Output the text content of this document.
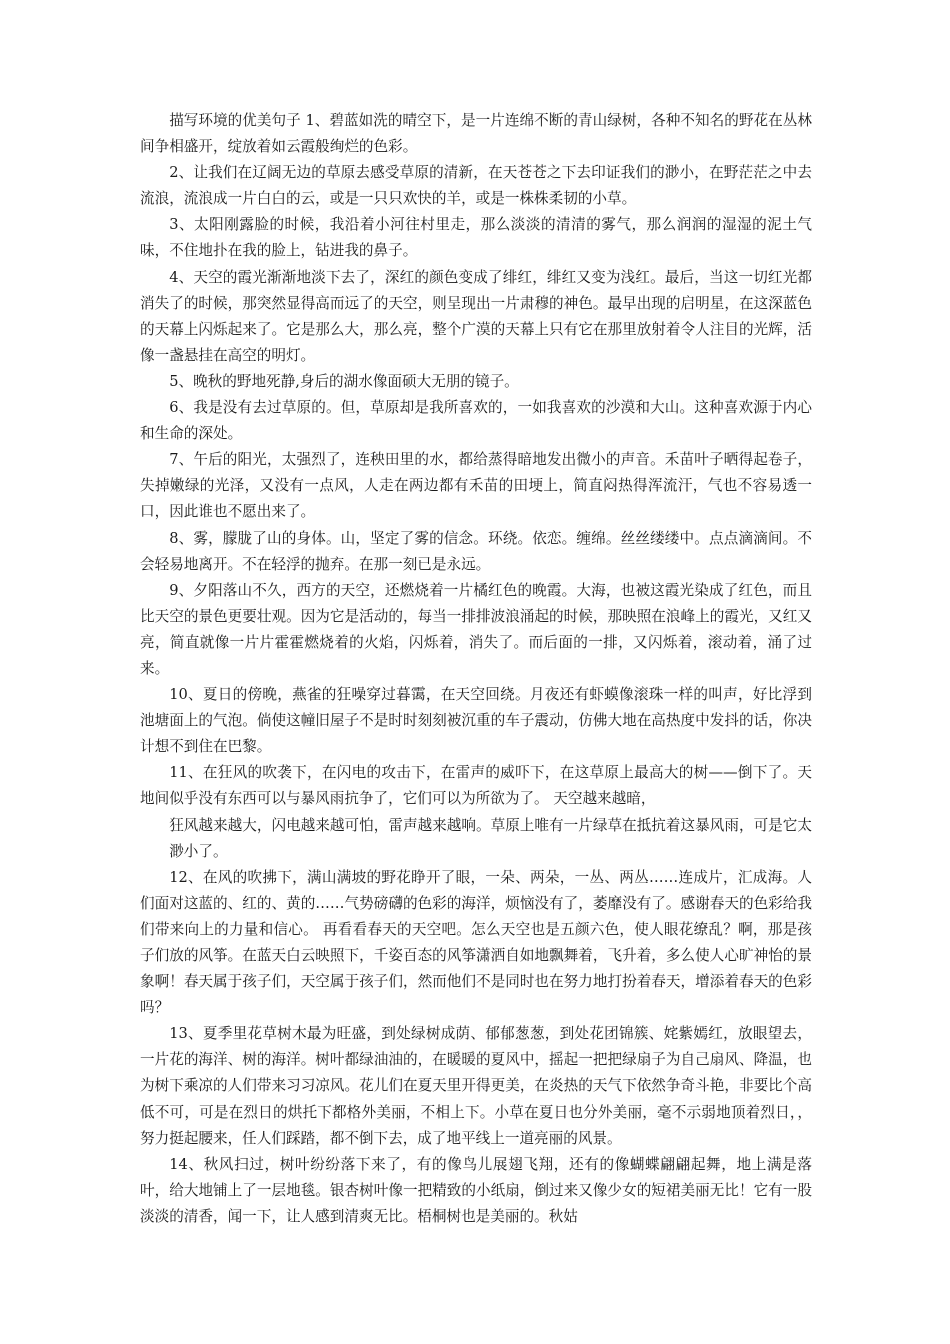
描写环境的优美句子 1、碧蓝如洗的晴空下，是一片连绵不断的青山绿树，各种不知名的野花在丛林间争相盛开，绽放着如云霞般绚烂的色彩。

2、让我们在辽阔无边的草原去感受草原的清新，在天苍苍之下去印证我们的渺小，在野茫茫之中去流浪，流浪成一片白白的云，或是一只只欢快的羊，或是一株株柔韧的小草。

3、太阳刚露脸的时候，我沿着小河往村里走，那么淡淡的清清的雾气，那么润润的湿湿的泥土气味，不住地扑在我的脸上，钻进我的鼻子。

4、天空的霞光渐渐地淡下去了，深红的颜色变成了绯红，绯红又变为浅红。最后，当这一切红光都消失了的时候，那突然显得高而远了的天空，则呈现出一片肃穆的神色。最早出现的启明星，在这深蓝色的天幕上闪烁起来了。它是那么大，那么亮，整个广漠的天幕上只有它在那里放射着令人注目的光辉，活像一盏悬挂在高空的明灯。

5、晚秋的野地死静,身后的湖水像面硕大无朋的镜子。

6、我是没有去过草原的。但，草原却是我所喜欢的，一如我喜欢的沙漠和大山。这种喜欢源于内心和生命的深处。

7、午后的阳光，太强烈了，连秧田里的水，都给蒸得暗地发出微小的声音。禾苗叶子晒得起卷子，失掉嫩绿的光泽，又没有一点风，人走在两边都有禾苗的田埂上，简直闷热得浑流汗，气也不容易透一口，因此谁也不愿出来了。

8、雾，朦胧了山的身体。山，坚定了雾的信念。环绕。依恋。缠绵。丝丝缕缕中。点点滴滴间。不会轻易地离开。不在轻浮的抛弃。在那一刻已是永远。

9、夕阳落山不久，西方的天空，还燃烧着一片橘红色的晚霞。大海，也被这霞光染成了红色，而且比天空的景色更要壮观。因为它是活动的，每当一排排波浪涌起的时候，那映照在浪峰上的霞光，又红又亮，简直就像一片片霍霍燃烧着的火焰，闪烁着，消失了。而后面的一排，又闪烁着，滚动着，涌了过来。

10、夏日的傍晚，燕雀的狂噪穿过暮霭，在天空回绕。月夜还有虾蟆像滚珠一样的叫声，好比浮到池塘面上的气泡。倘使这幢旧屋子不是时时刻刻被沉重的车子震动，仿佛大地在高热度中发抖的话，你决计想不到住在巴黎。

11、在狂风的吹袭下，在闪电的攻击下，在雷声的威吓下，在这草原上最高大的树——倒下了。天地间似乎没有东西可以与暴风雨抗争了，它们可以为所欲为了。 天空越来越暗，

狂风越来越大，闪电越来越可怕，雷声越来越响。草原上唯有一片绿草在抵抗着这暴风雨，可是它太渺小了。

12、在风的吹拂下，满山满坡的野花睁开了眼，一朵、两朵，一丛、两丛……连成片，汇成海。人们面对这蓝的、红的、黄的……气势磅礴的色彩的海洋，烦恼没有了，萎靡没有了。感谢春天的色彩给我们带来向上的力量和信心。 再看看春天的天空吧。怎么天空也是五颜六色，使人眼花缭乱？啊，那是孩子们放的风筝。在蓝天白云映照下，千姿百态的风筝潇洒自如地飘舞着，飞升着，多么使人心旷神怡的景象啊！春天属于孩子们，天空属于孩子们，然而他们不是同时也在努力地打扮着春天，增添着春天的色彩吗？

13、夏季里花草树木最为旺盛，到处绿树成荫、郁郁葱葱，到处花团锦簇、姹紫嫣红，放眼望去，一片花的海洋、树的海洋。树叶都绿油油的，在暖暖的夏风中，摇起一把把绿扇子为自己扇风、降温，也为树下乘凉的人们带来习习凉风。花儿们在夏天里开得更美，在炎热的天气下依然争奇斗艳，非要比个高低不可，可是在烈日的烘托下都格外美丽，不相上下。小草在夏日也分外美丽，毫不示弱地顶着烈日，，努力挺起腰来，任人们踩踏，都不倒下去，成了地平线上一道亮丽的风景。

14、秋风扫过，树叶纷纷落下来了，有的像鸟儿展翅飞翔，还有的像蝴蝶翩翩起舞，地上满是落叶，给大地铺上了一层地毯。银杏树叶像一把精致的小纸扇，倒过来又像少女的短裙美丽无比！它有一股淡淡的清香，闻一下，让人感到清爽无比。梧桐树也是美丽的。秋姑
